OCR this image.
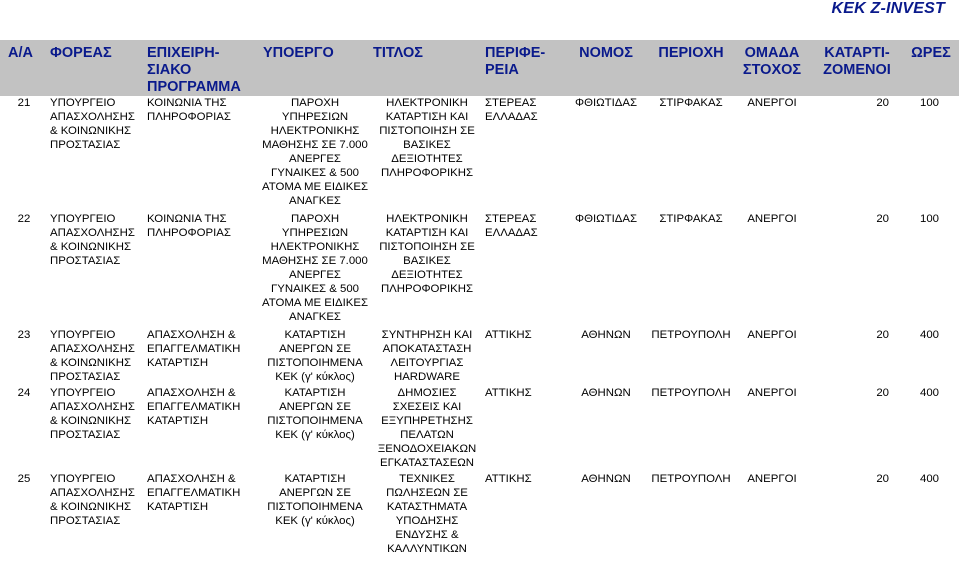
ΚΕΚ Z-INVEST
Α/Α	ΦΟΡΕΑΣ	ΕΠΙΧΕΙΡΗ-ΣΙΑΚΟ ΠΡΟΓΡΑΜΜΑ	ΥΠΟΕΡΓΟ	ΤΙΤΛΟΣ	ΠΕΡΙΦΕ-ΡΕΙΑ	ΝΟΜΟΣ	ΠΕΡΙΟΧΗ	ΟΜΑΔΑ ΣΤΟΧΟΣ	ΚΑΤΑΡΤΙ-ΖΟΜΕΝΟΙ	ΩΡΕΣ
21	ΥΠΟΥΡΓΕΙΟ ΑΠΑΣΧΟΛΗΣΗΣ & ΚΟΙΝΩΝΙΚΗΣ ΠΡΟΣΤΑΣΙΑΣ	ΚΟΙΝΩΝΙΑ ΤΗΣ ΠΛΗΡΟΦΟΡΙΑΣ	ΠΑΡΟΧΗ ΥΠΗΡΕΣΙΩΝ ΗΛΕΚΤΡΟΝΙΚΗΣ ΜΑΘΗΣΗΣ ΣΕ 7.000 ΑΝΕΡΓΕΣ ΓΥΝΑΙΚΕΣ & 500 ΑΤΟΜΑ ΜΕ ΕΙΔΙΚΕΣ ΑΝΑΓΚΕΣ	ΗΛΕΚΤΡΟΝΙΚΗ ΚΑΤΑΡΤΙΣΗ ΚΑΙ ΠΙΣΤΟΠΟΙΗΣΗ ΣΕ ΒΑΣΙΚΕΣ ΔΕΞΙΟΤΗΤΕΣ ΠΛΗΡΟΦΟΡΙΚΗΣ	ΣΤΕΡΕΑΣ ΕΛΛΑΔΑΣ	ΦΘΙΩΤΙΔΑΣ	ΣΤΙΡΦΑΚΑΣ	ΑΝΕΡΓΟΙ	20	100
22	ΥΠΟΥΡΓΕΙΟ ΑΠΑΣΧΟΛΗΣΗΣ & ΚΟΙΝΩΝΙΚΗΣ ΠΡΟΣΤΑΣΙΑΣ	ΚΟΙΝΩΝΙΑ ΤΗΣ ΠΛΗΡΟΦΟΡΙΑΣ	ΠΑΡΟΧΗ ΥΠΗΡΕΣΙΩΝ ΗΛΕΚΤΡΟΝΙΚΗΣ ΜΑΘΗΣΗΣ ΣΕ 7.000 ΑΝΕΡΓΕΣ ΓΥΝΑΙΚΕΣ & 500 ΑΤΟΜΑ ΜΕ ΕΙΔΙΚΕΣ ΑΝΑΓΚΕΣ	ΗΛΕΚΤΡΟΝΙΚΗ ΚΑΤΑΡΤΙΣΗ ΚΑΙ ΠΙΣΤΟΠΟΙΗΣΗ ΣΕ ΒΑΣΙΚΕΣ ΔΕΞΙΟΤΗΤΕΣ ΠΛΗΡΟΦΟΡΙΚΗΣ	ΣΤΕΡΕΑΣ ΕΛΛΑΔΑΣ	ΦΘΙΩΤΙΔΑΣ	ΣΤΙΡΦΑΚΑΣ	ΑΝΕΡΓΟΙ	20	100
23	ΥΠΟΥΡΓΕΙΟ ΑΠΑΣΧΟΛΗΣΗΣ & ΚΟΙΝΩΝΙΚΗΣ ΠΡΟΣΤΑΣΙΑΣ	ΑΠΑΣΧΟΛΗΣΗ & ΕΠΑΓΓΕΛΜΑΤΙΚΗ ΚΑΤΑΡΤΙΣΗ	ΚΑΤΑΡΤΙΣΗ ΑΝΕΡΓΩΝ ΣΕ ΠΙΣΤΟΠΟΙΗΜΕΝΑ ΚΕΚ (γ' κύκλος)	ΣΥΝΤΗΡΗΣΗ ΚΑΙ ΑΠΟΚΑΤΑΣΤΑΣΗ ΛΕΙΤΟΥΡΓΙΑΣ HARDWARE	ΑΤΤΙΚΗΣ	ΑΘΗΝΩΝ	ΠΕΤΡΟΥΠΟΛΗ	ΑΝΕΡΓΟΙ	20	400
24	ΥΠΟΥΡΓΕΙΟ ΑΠΑΣΧΟΛΗΣΗΣ & ΚΟΙΝΩΝΙΚΗΣ ΠΡΟΣΤΑΣΙΑΣ	ΑΠΑΣΧΟΛΗΣΗ & ΕΠΑΓΓΕΛΜΑΤΙΚΗ ΚΑΤΑΡΤΙΣΗ	ΚΑΤΑΡΤΙΣΗ ΑΝΕΡΓΩΝ ΣΕ ΠΙΣΤΟΠΟΙΗΜΕΝΑ ΚΕΚ (γ' κύκλος)	ΔΗΜΟΣΙΕΣ ΣΧΕΣΕΙΣ ΚΑΙ ΕΞΥΠΗΡΕΤΗΣΗΣ ΠΕΛΑΤΩΝ ΞΕΝΟΔΟΧΕΙΑΚΩΝ ΕΓΚΑΤΑΣΤΑΣΕΩΝ	ΑΤΤΙΚΗΣ	ΑΘΗΝΩΝ	ΠΕΤΡΟΥΠΟΛΗ	ΑΝΕΡΓΟΙ	20	400
25	ΥΠΟΥΡΓΕΙΟ ΑΠΑΣΧΟΛΗΣΗΣ & ΚΟΙΝΩΝΙΚΗΣ ΠΡΟΣΤΑΣΙΑΣ	ΑΠΑΣΧΟΛΗΣΗ & ΕΠΑΓΓΕΛΜΑΤΙΚΗ ΚΑΤΑΡΤΙΣΗ	ΚΑΤΑΡΤΙΣΗ ΑΝΕΡΓΩΝ ΣΕ ΠΙΣΤΟΠΟΙΗΜΕΝΑ ΚΕΚ (γ' κύκλος)	ΤΕΧΝΙΚΕΣ ΠΩΛΗΣΕΩΝ ΣΕ ΚΑΤΑΣΤΗΜΑΤΑ ΥΠΟΔΗΣΗΣ ΕΝΔΥΣΗΣ & ΚΑΛΛΥΝΤΙΚΩΝ	ΑΤΤΙΚΗΣ	ΑΘΗΝΩΝ	ΠΕΤΡΟΥΠΟΛΗ	ΑΝΕΡΓΟΙ	20	400
